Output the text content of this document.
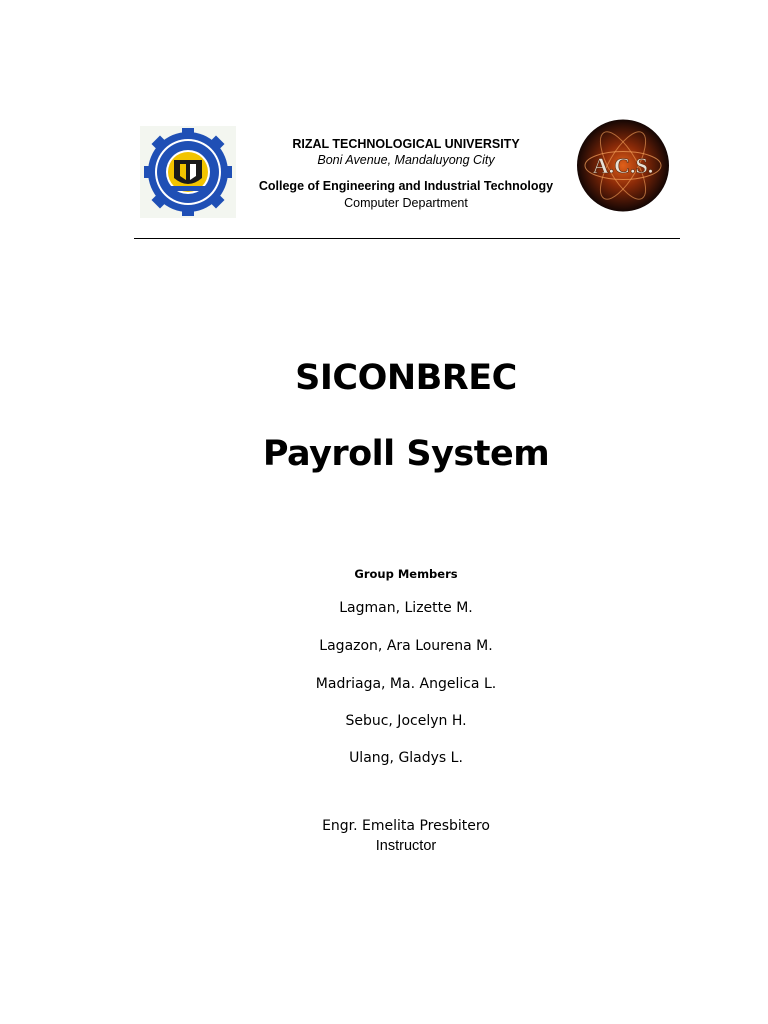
RIZAL TECHNOLOGICAL UNIVERSITY
Boni Avenue, Mandaluyong City
College of Engineering and Industrial Technology
Computer Department
A.C.S.
SICONBREC
Payroll System
Group Members
Lagman, Lizette M.
Lagazon, Ara Lourena M.
Madriaga, Ma. Angelica L.
Sebuc, Jocelyn H.
Ulang, Gladys L.
Engr. Emelita Presbitero
Instructor
